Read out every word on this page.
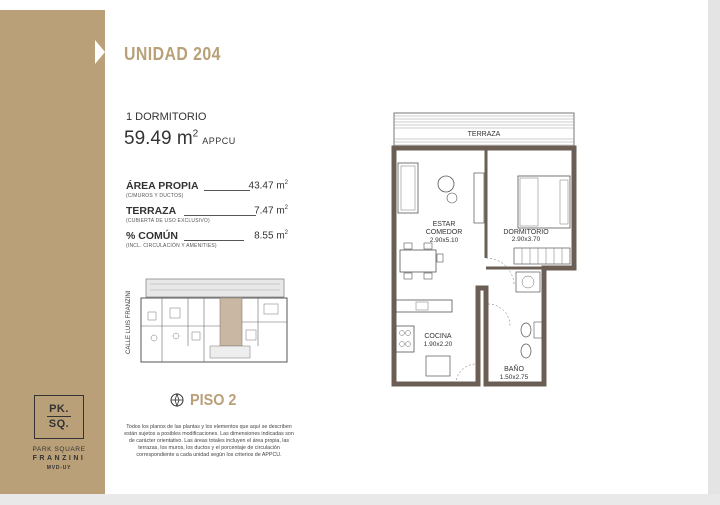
UNIDAD 204
1 DORMITORIO
59.49 $m^2APPCU$
ÁREA PROPIA	43.47 $m^2$
(C/MUROS Y DUCTOS)
TERRAZA	7.47 $m^2$
(CUBIERTA DE USO EXCLUSIVO)
% COMÚN	8.55 $m^2$
(INCL. CIRCULACIÓN Y AMENITIES)
CALLE LUIS FRANZINI
PISO 2
Todos los planos de las plantas y los elementos que aquí se describen están sujetos a posibles modificaciones. Las dimensiones indicadas son de carácter orientativo. Las áreas totales incluyen el área propia, las terrazas, los muros, los ductos y el porcentaje de circulación correspondiente a cada unidad según los criterios de APPCU.
PK.
SQ.
PARK SQUARE
FRANZINI
MVD-UY
TERRAZA
ESTAR
COMEDOR
2.90x5.10
DORMITORIO
2.90x3.70
COCINA
1.90x2.20
BAÑO
1.50x2.75
